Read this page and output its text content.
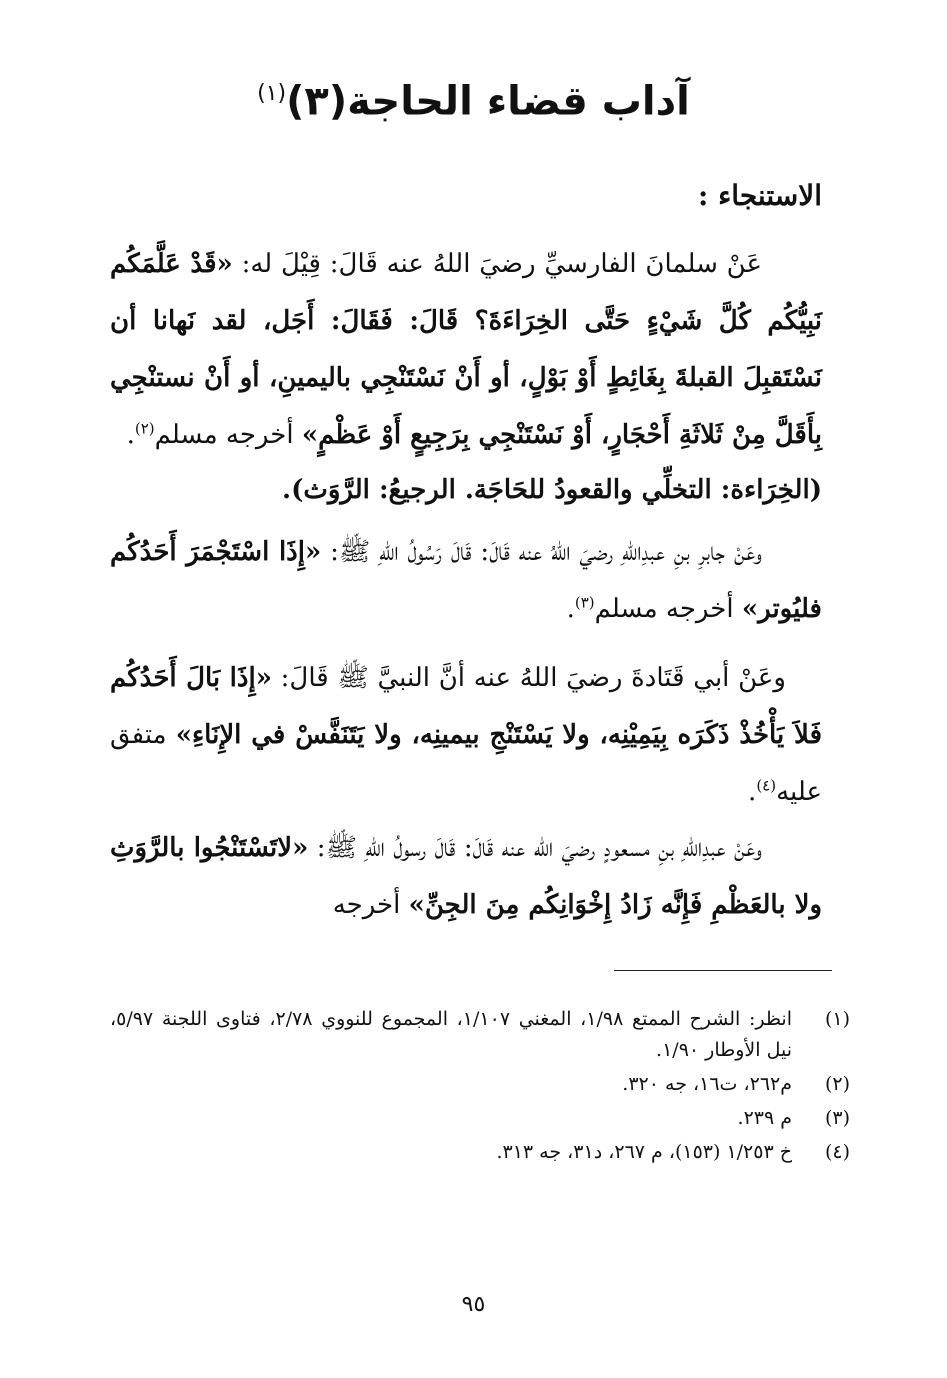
آداب قضاء الحاجة(٣)$^{(١)}$
الاستنجاء :
عَنْ سلمانَ الفارسيِّ رضيَ اللهُ عنه قَالَ: قِيْلَ له: «قَدْ عَلَّمَكُم نَبِيُّكُم كُلَّ شَيْءٍ حَتَّى الخِرَاءَةَ؟ قَالَ: فَقَالَ: أَجَل، لقد نَهانا أن نَسْتَقبِلَ القبلةَ بِغَائِطٍ أَوْ بَوْلٍ، أو أَنْ نَسْتَنْجِي باليمينِ، أو أَنْ نستنْجِي بِأَقَلَّ مِنْ ثَلاثَةِ أَحْجَارٍ، أَوْ نَسْتَنْجِي بِرَجِيعٍ أَوْ عَظْمٍ» أخرجه مسلم$^{(٢)}$.
(الخِرَاءة: التخلِّي والقعودُ للحَاجَة. الرجيعُ: الرَّوَث).
وعَنْ جابرِ بنِ عبدِاللهِ رضيَ اللهُ عنه قَالَ: قَالَ رَسُولُ اللهِ ﷺ: «إِذَا اسْتَجْمَرَ أَحَدُكُم فليُوتر» أخرجه مسلم$^{(٣)}$.
وعَنْ أبي قَتَادةَ رضيَ اللهُ عنه أنَّ النبيَّ ﷺ قَالَ: «إِذَا بَالَ أَحَدُكُم فَلاَ يَأْخُذْ ذَكَرَه بِيَمِيْنِه، ولا يَسْتَنْجِ بيمينِه، ولا يَتَنَفَّسْ في الإِنَاءِ» متفق عليه$^{(٤)}$.
وعَنْ عبدِاللهِ بنِ مسعودٍ رضيَ الله عنه قَالَ: قَالَ رسولُ اللهِ ﷺ: «لاتَسْتَنْجُوا بالرَّوَثِ ولا بالعَظْمِ فَإِنَّه زَادُ إِخْوَانِكُم مِنَ الجِنِّ» أخرجه
(١)
انظر: الشرح الممتع ١/٩٨، المغني ١/١٠٧، المجموع للنووي ٢/٧٨، فتاوى اللجنة ٥/٩٧، نيل الأوطار ١/٩٠.
(٢)
م٢٦٢، ت١٦، جه ٣٢٠.
(٣)
م ٢٣٩.
(٤)
خ ١/٢٥٣ (١٥٣)، م ٢٦٧، د٣١، جه ٣١٣.
٩٥
